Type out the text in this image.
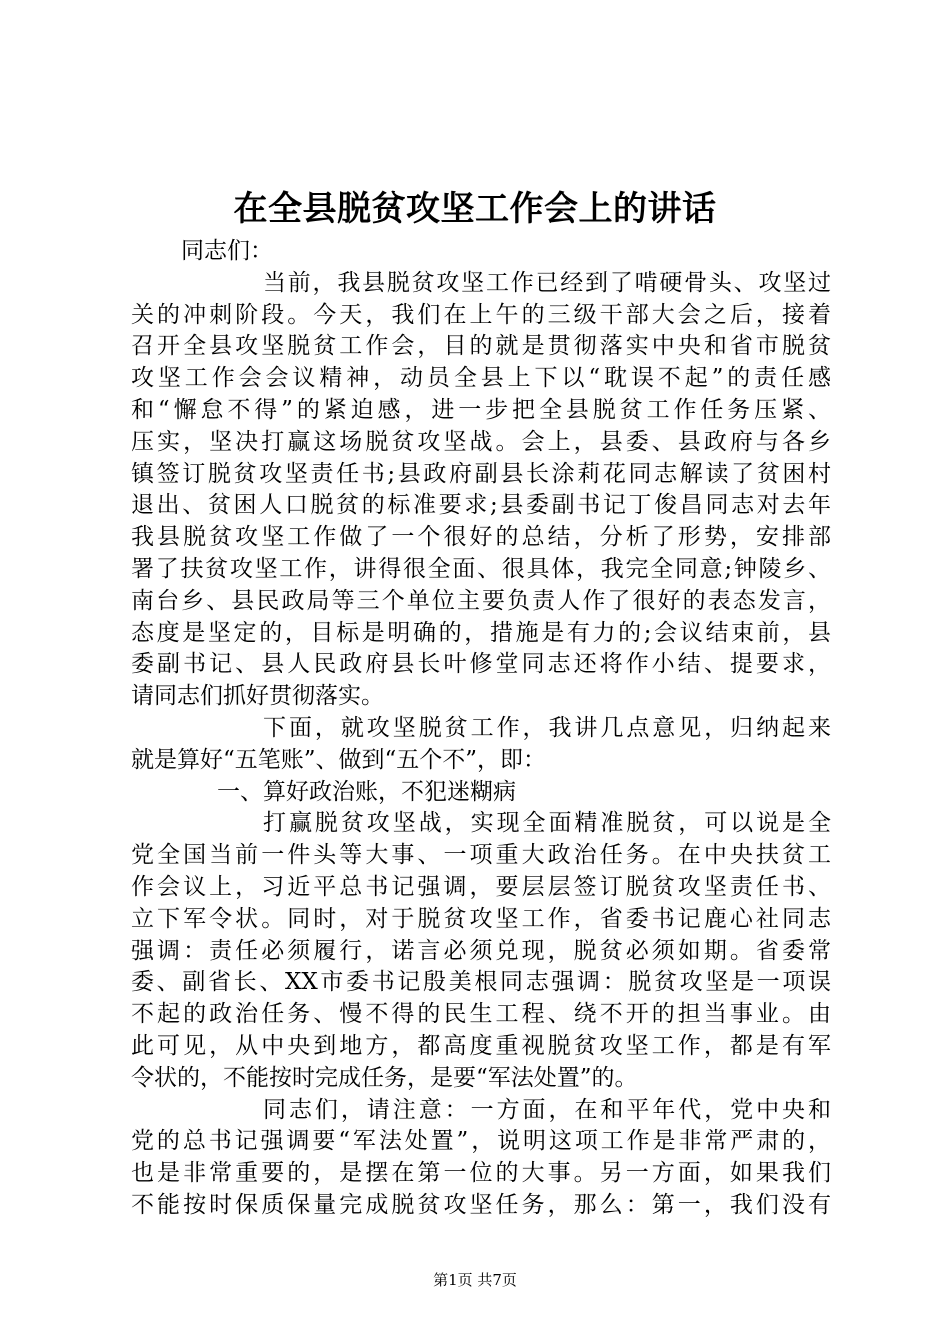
在全县脱贫攻坚工作会上的讲话
同志们：
当前，我县脱贫攻坚工作已经到了啃硬骨头、攻坚过
关的冲刺阶段。今天，我们在上午的三级干部大会之后，接着
召开全县攻坚脱贫工作会，目的就是贯彻落实中央和省市脱贫
攻坚工作会会议精神，动员全县上下以“耽误不起”的责任感
和“懈怠不得”的紧迫感，进一步把全县脱贫工作任务压紧、
压实，坚决打赢这场脱贫攻坚战。会上，县委、县政府与各乡
镇签订脱贫攻坚责任书;县政府副县长涂莉花同志解读了贫困村
退出、贫困人口脱贫的标准要求;县委副书记丁俊昌同志对去年
我县脱贫攻坚工作做了一个很好的总结，分析了形势，安排部
署了扶贫攻坚工作，讲得很全面、很具体，我完全同意;钟陵乡、
南台乡、县民政局等三个单位主要负责人作了很好的表态发言，
态度是坚定的，目标是明确的，措施是有力的;会议结束前，县
委副书记、县人民政府县长叶修堂同志还将作小结、提要求，
请同志们抓好贯彻落实。
下面，就攻坚脱贫工作，我讲几点意见，归纳起来
就是算好“五笔账”、做到“五个不”，即：
一、算好政治账，不犯迷糊病
打赢脱贫攻坚战，实现全面精准脱贫，可以说是全
党全国当前一件头等大事、一项重大政治任务。在中央扶贫工
作会议上，习近平总书记强调，要层层签订脱贫攻坚责任书、
立下军令状。同时，对于脱贫攻坚工作，省委书记鹿心社同志
强调：责任必须履行，诺言必须兑现，脱贫必须如期。省委常
委、副省长、XX市委书记殷美根同志强调：脱贫攻坚是一项误
不起的政治任务、慢不得的民生工程、绕不开的担当事业。由
此可见，从中央到地方，都高度重视脱贫攻坚工作，都是有军
令状的，不能按时完成任务，是要“军法处置”的。
同志们，请注意：一方面，在和平年代，党中央和
党的总书记强调要“军法处置”，说明这项工作是非常严肃的，
也是非常重要的，是摆在第一位的大事。另一方面，如果我们
不能按时保质保量完成脱贫攻坚任务，那么：第一，我们没有
第1页 共7页
